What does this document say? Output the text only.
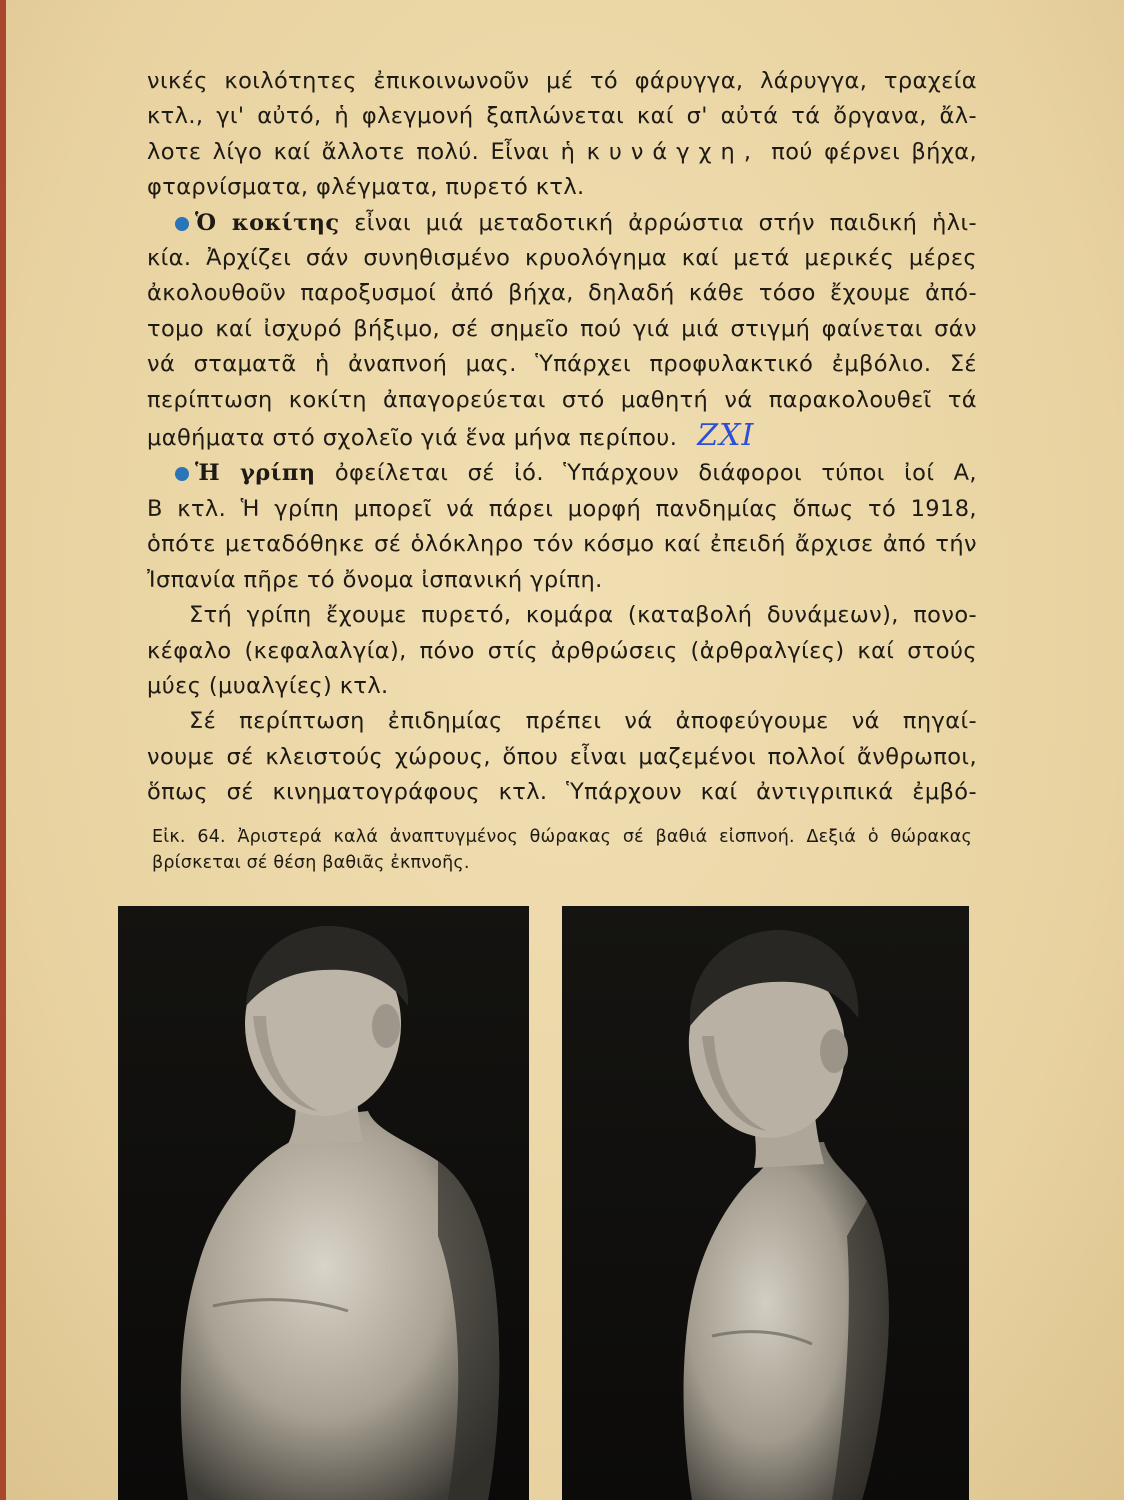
νικές κοιλότητες ἐπικοινωνοῦν μέ τό φάρυγγα, λάρυγγα, τραχεία
κτλ., γι' αὐτό, ἡ φλεγμονή ξαπλώνεται καί σ' αὐτά τά ὄργανα, ἄλ-
λοτε λίγο καί ἄλλοτε πολύ. Εἶναι ἡ κυνάγχη, πού φέρνει βήχα,
φταρνίσματα, φλέγματα, πυρετό κτλ.
Ὁ κοκίτης εἶναι μιά μεταδοτική ἀρρώστια στήν παιδική ἡλι-
κία. Ἀρχίζει σάν συνηθισμένο κρυολόγημα καί μετά μερικές μέρες
ἀκολουθοῦν παροξυσμοί ἀπό βήχα, δηλαδή κάθε τόσο ἔχουμε ἀπό-
τομο καί ἰσχυρό βήξιμο, σέ σημεῖο πού γιά μιά στιγμή φαίνεται σάν
νά σταματᾶ ἡ ἀναπνοή μας. Ὑπάρχει προφυλακτικό ἐμβόλιο. Σέ
περίπτωση κοκίτη ἀπαγορεύεται στό μαθητή νά παρακολουθεῖ τά
μαθήματα στό σχολεῖο γιά ἕνα μήνα περίπου. ΖΧΙ
Ἡ γρίπη ὀφείλεται σέ ἰό. Ὑπάρχουν διάφοροι τύποι ἰοί Α,
Β κτλ. Ἡ γρίπη μπορεῖ νά πάρει μορφή πανδημίας ὅπως τό 1918,
ὁπότε μεταδόθηκε σέ ὁλόκληρο τόν κόσμο καί ἐπειδή ἄρχισε ἀπό τήν
Ἰσπανία πῆρε τό ὄνομα ἰσπανική γρίπη.
Στή γρίπη ἔχουμε πυρετό, κομάρα (καταβολή δυνάμεων), πονο-
κέφαλο (κεφαλαλγία), πόνο στίς ἀρθρώσεις (ἀρθραλγίες) καί στούς
μύες (μυαλγίες) κτλ.
Σέ περίπτωση ἐπιδημίας πρέπει νά ἀποφεύγουμε νά πηγαί-
νουμε σέ κλειστούς χώρους, ὅπου εἶναι μαζεμένοι πολλοί ἄνθρωποι,
ὅπως σέ κινηματογράφους κτλ. Ὑπάρχουν καί ἀντιγριπικά ἐμβό-
Εἰκ. 64. Ἀριστερά καλά ἀναπτυγμένος θώρακας σέ βαθιά εἰσπνοή. Δεξιά ὁ θώρακας
βρίσκεται σέ θέση βαθιᾶς ἐκπνοῆς.
